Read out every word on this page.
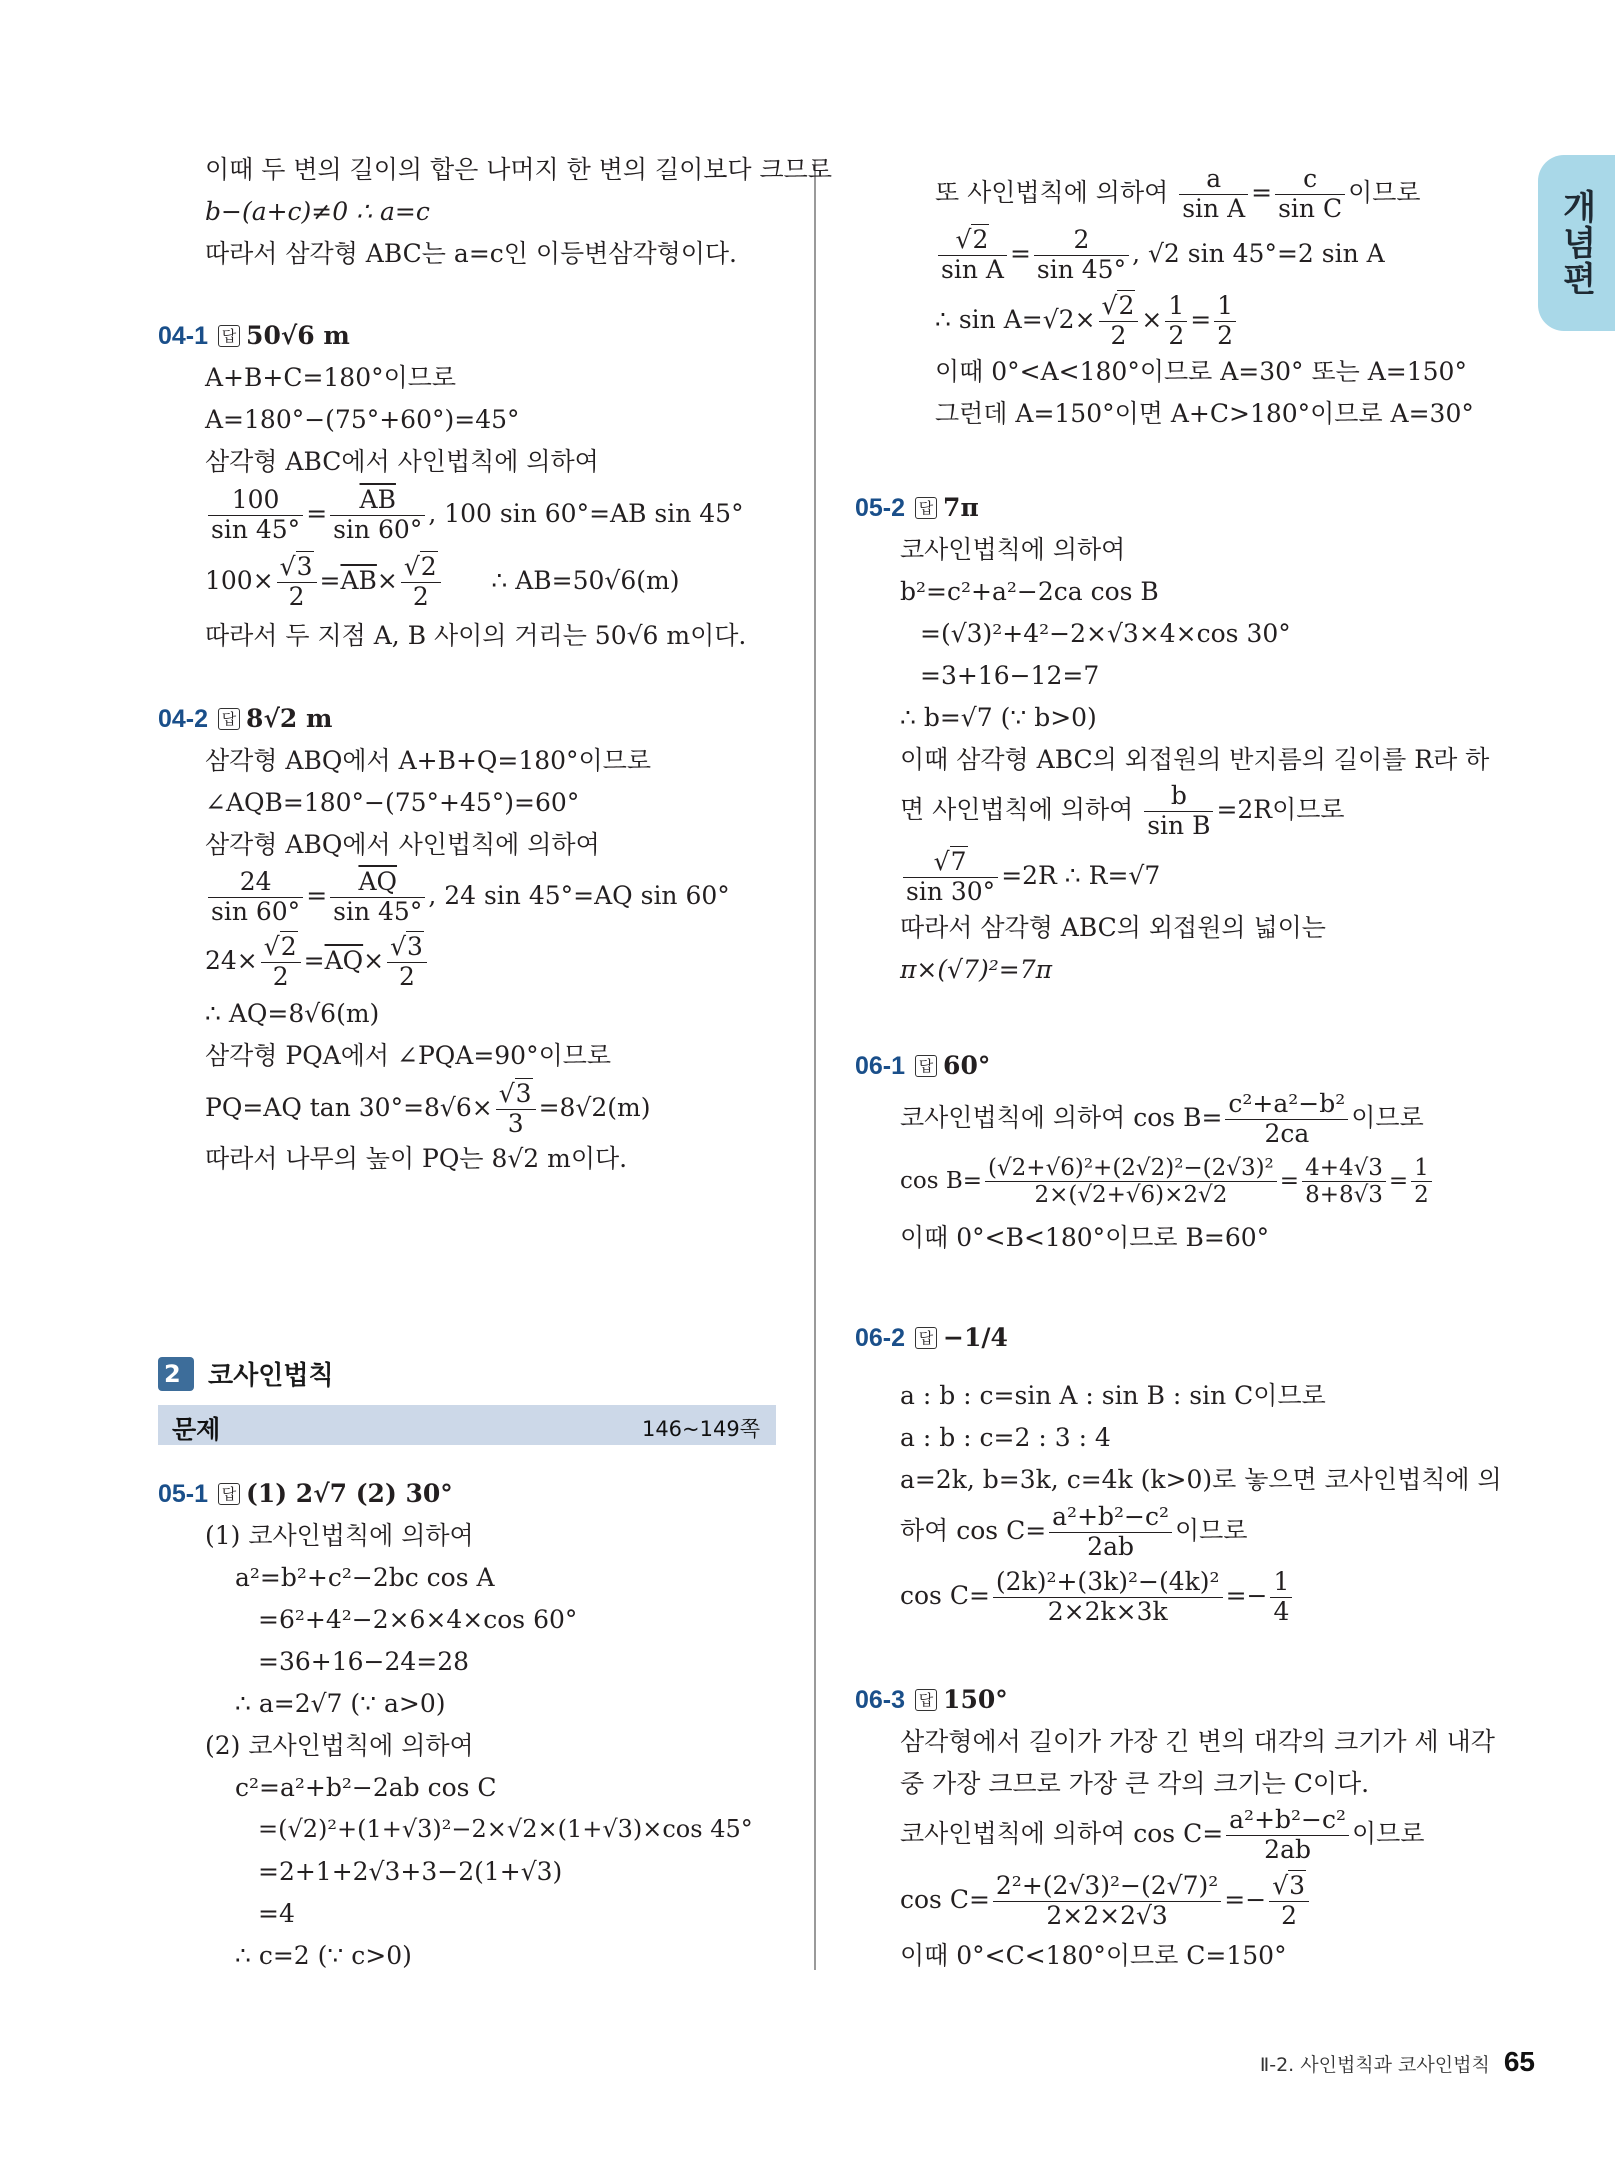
개념편
이때 두 변의 길이의 합은 나머지 한 변의 길이보다 크므로
b−(a+c)≠0 ∴ a=c
따라서 삼각형 ABC는 a=c인 이등변삼각형이다.
04-1 답 50√6 m
A+B+C=180°이므로
A=180°−(75°+60°)=45°
삼각형 ABC에서 사인법칙에 의하여
$\frac{100}{\sin 45^\circ} = \frac{\overline{AB}}{\sin 60^\circ}$ , 100 sin 60°=AB sin 45°
$100\times \frac{√3}{2} =\overline{AB}\times \frac{√2}{2}$ ∴ AB=50√6(m)
따라서 두 지점 A, B 사이의 거리는 50√6 m이다.
04-2 답 8√2 m
삼각형 ABQ에서 A+B+Q=180°이므로
∠AQB=180°−(75°+45°)=60°
삼각형 ABQ에서 사인법칙에 의하여
$\frac{24}{\sin 60^\circ} = \frac{\overline{AQ}}{\sin 45^\circ}$ , 24 sin 45°=AQ sin 60°
$24\times \frac{√2}{2} =\overline{AQ}\times \frac{√3}{2}$
∴ AQ=8√6(m)
삼각형 PQA에서 ∠PQA=90°이므로
PQ=AQ $\tan 30^\circ=8√6\times \frac{√3}{3} =8√2(m)$
따라서 나무의 높이 PQ는 8√2 m이다.
2 코사인법칙
문제	146~149쪽
05-1 답 (1) 2√7 (2) 30°
(1) 코사인법칙에 의하여
a²=b²+c²−2bc cos A
=6²+4²−2×6×4×cos 60°
=36+16−24=28
∴ a=2√7 (∵ a>0)
(2) 코사인법칙에 의하여
c²=a²+b²−2ab cos C
=(√2)²+(1+√3)²−2×√2×(1+√3)×cos 45°
=2+1+2√3+3−2(1+√3)
=4
∴ c=2 (∵ c>0)
또 사인법칙에 의하여 $\frac{a}{\text{sin A}} = \frac{c}{\text{sin C}}$ 이므로
$\frac{√2}{\text{sin A}} = \frac{2}{\sin 45^\circ}$ , √2 sin 45°=2 sin A
∴ $\sin A=√2\times \frac{√2}{2} \times \frac{1}{2} = \frac{1}{2}$
이때 0°<A<180°이므로 A=30° 또는 A=150°
그런데 A=150°이면 A+C>180°이므로 A=30°
05-2 답 7π
코사인법칙에 의하여
b²=c²+a²−2ca cos B
=(√3)²+4²−2×√3×4×cos 30°
=3+16−12=7
∴ b=√7 (∵ b>0)
이때 삼각형 ABC의 외접원의 반지름의 길이를 R라 하
면 사인법칙에 의하여 $\frac{b}{\text{sin B}} =2R$이므로
$\frac{√7}{\sin 30^\circ} =2R$ ∴ R=√7
따라서 삼각형 ABC의 외접원의 넓이는
π×(√7)²=7π
06-1 답 60°
코사인법칙에 의하여 $\cos B= \frac{\text{c²+a²−b²}}{2ca}$ 이므로
$\cos B= \frac{\text{(√2+√6)²+(2√2)²−(2√3)²}}{2\times(√2+√6)\times 2√2} = \frac{4+4√3}{8+8√3} = \frac{1}{2}$
이때 0°<B<180°이므로 B=60°
06-2 답 −1/4
a : b : c=sin A : sin B : sin C이므로
a : b : c=2 : 3 : 4
a=2k, b=3k, c=4k (k>0)로 놓으면 코사인법칙에 의
하여 $\cos C= \frac{\text{a²+b²−c²}}{2ab}$ 이므로
$\cos C= \frac{\text{(2k)²+(3k)²−(4k)²}}{2\times 2k\times 3k} =- \frac{1}{4}$
06-3 답 150°
삼각형에서 길이가 가장 긴 변의 대각의 크기가 세 내각
중 가장 크므로 가장 큰 각의 크기는 C이다.
코사인법칙에 의하여 $\cos C= \frac{\text{a²+b²−c²}}{2ab}$ 이므로
$\cos C= \frac{\text{2²+(2√3)²−(2√7)²}}{2\times 2\times 2√3} =- \frac{√3}{2}$
이때 0°<C<180°이므로 C=150°
Ⅱ-2. 사인법칙과 코사인법칙 65
